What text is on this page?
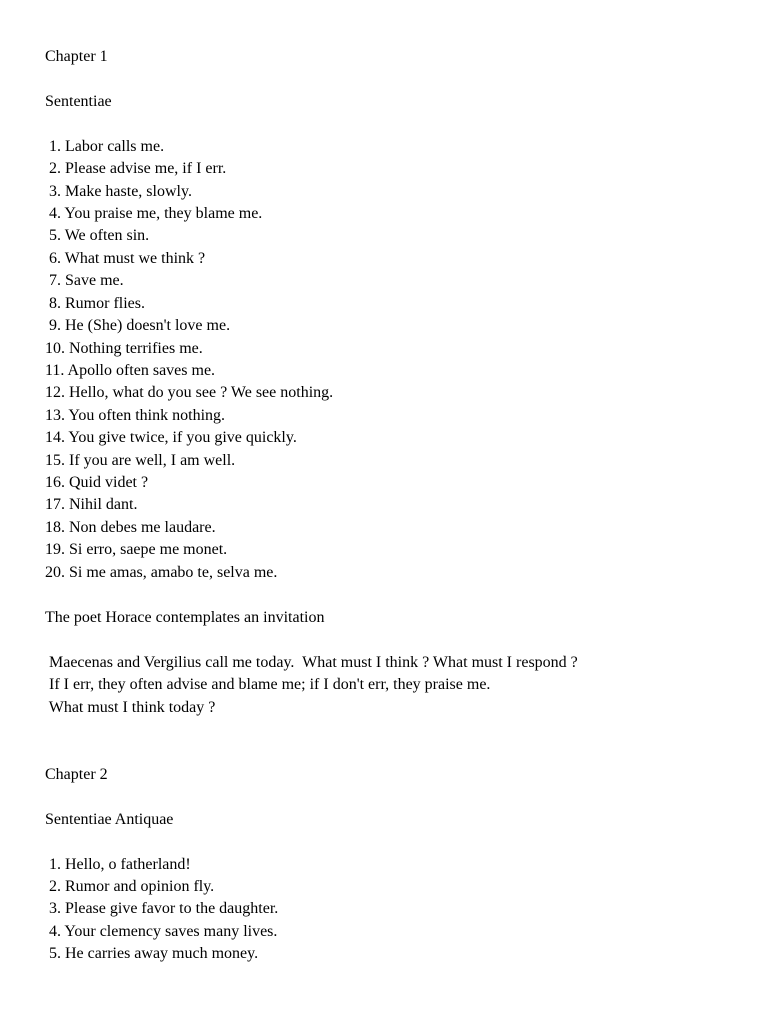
Chapter 1

Sententiae

1. Labor calls me.

2. Please advise me, if I err.

3. Make haste, slowly.

4. You praise me, they blame me.

5. We often sin.

6. What must we think ?

7. Save me.

8. Rumor flies.

9. He (She) doesn't love me.

10. Nothing terrifies me.

11. Apollo often saves me.

12. Hello, what do you see ? We see nothing.

13. You often think nothing.

14. You give twice, if you give quickly.

15. If you are well, I am well.

16. Quid videt ?

17. Nihil dant.

18. Non debes me laudare.

19. Si erro, saepe me monet.

20. Si me amas, amabo te, selva me.

The poet Horace contemplates an invitation

Maecenas and Vergilius call me today.  What must I think ? What must I respond ?

If I err, they often advise and blame me; if I don't err, they praise me.

What must I think today ?

Chapter 2

Sententiae Antiquae

1. Hello, o fatherland!

2. Rumor and opinion fly.

3. Please give favor to the daughter.

4. Your clemency saves many lives.

5. He carries away much money.
